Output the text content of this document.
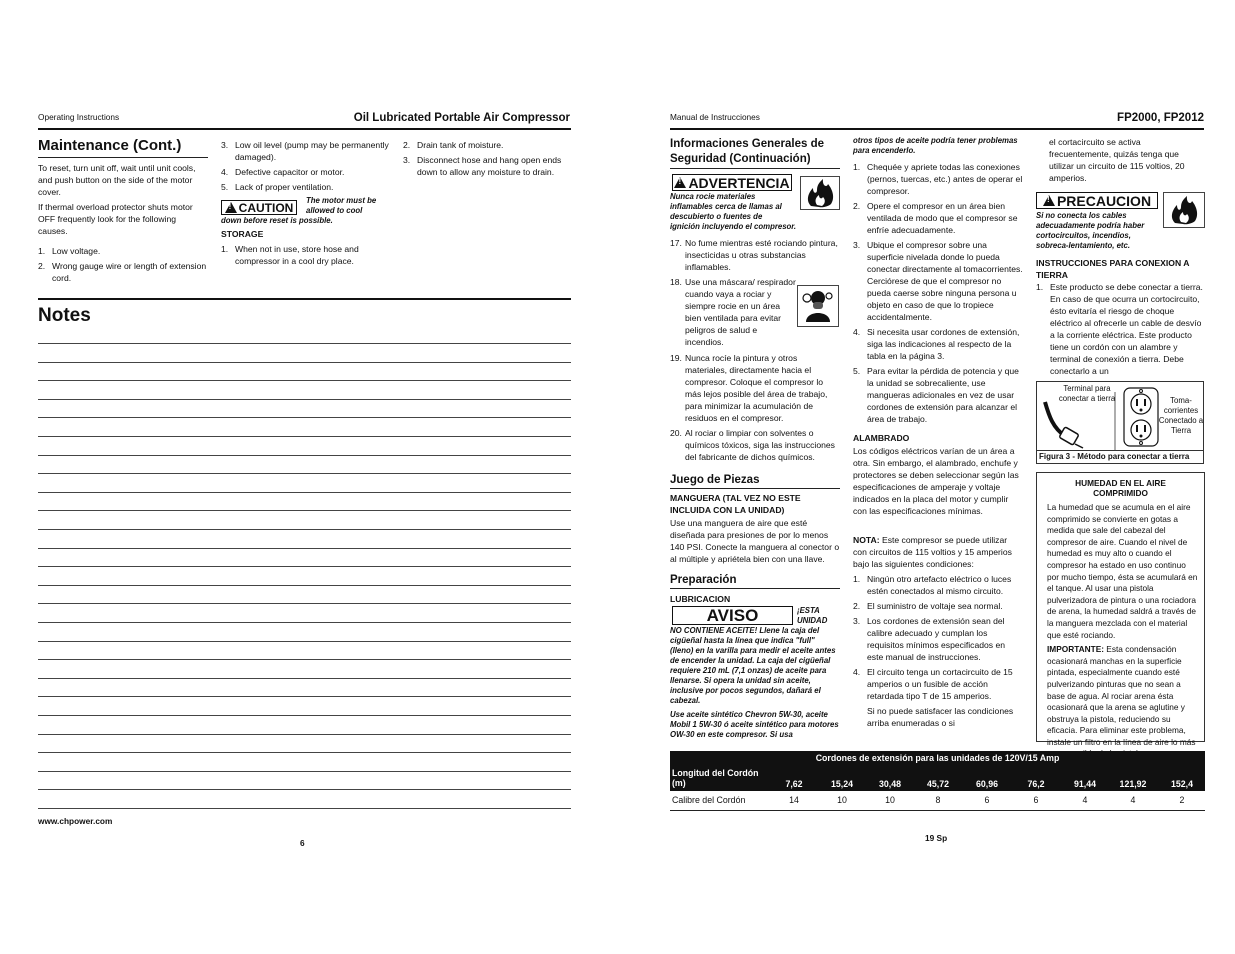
Operating Instructions	Oil Lubricated Portable Air Compressor
Maintenance (Cont.)

To reset, turn unit off, wait until unit cools, and push button on the side of the motor cover.

If thermal overload protector shuts motor OFF frequently look for the following causes.

1. Low voltage.
2. Wrong gauge wire or length of extension cord.
3. Low oil level (pump may be permanently damaged).
4. Defective capacitor or motor.
5. Lack of proper ventilation.
!
CAUTION The motor must be
allowed to cool
down before reset is possible.
STORAGE
1. When not in use, store hose and compressor in a cool dry place.
2. Drain tank of moisture.
3. Disconnect hose and hang open ends down to allow any moisture to drain.
Notes
www.chpower.com
6
Manual de Instrucciones	FP2000, FP2012
Informaciones Generales de Seguridad (Continuación)
!
ADVERTENCIA
Nunca rocie materiales
inflamables cerca de llamas al
descubierto o fuentes de
ignición incluyendo el compresor.
17. No fume mientras esté rociando pintura, insecticidas u otras substancias inflamables.
18. Use una máscara/ respirador cuando vaya a rociar y siempre rocie en un área bien ventilada para evitar peligros de salud e incendios.
19. Nunca rocíe la pintura y otros materiales, directamente hacia el compresor. Coloque el compresor lo más lejos posible del área de trabajo, para minimizar la acumulación de residuos en el compresor.
20. Al rociar o limpiar con solventes o químicos tóxicos, siga las instrucciones del fabricante de dichos químicos.
Juego de Piezas
MANGUERA (TAL VEZ NO ESTE INCLUIDA CON LA UNIDAD)
Use una manguera de aire que esté diseñada para presiones de por lo menos 140 PSI. Conecte la manguera al conector o al múltiple y apriétela bien con una llave.
Preparación
LUBRICACION
AVISO	¡ESTA UNIDAD
NO CONTIENE ACEITE! Llene la caja del cigüeñal hasta la línea que indica "full" (lleno) en la varilla para medir el aceite antes de encender la unidad. La caja del cigüeñal requiere 210 mL (7,1 onzas) de aceite para llenarse. Si opera la unidad sin aceite, inclusive por pocos segundos, dañará el cabezal.
Use aceite sintético Chevron 5W-30, aceite Mobil 1 5W-30 ó aceite sintético para motores OW-30 en este compresor. Si usa
otros tipos de aceite podría tener problemas para encenderlo.
1. Chequée y apriete todas las conexiones (pernos, tuercas, etc.) antes de operar el compresor.
2. Opere el compresor en un área bien ventilada de modo que el compresor se enfríe adecuadamente.
3. Ubique el compresor sobre una superficie nivelada donde lo pueda conectar directamente al tomacorrientes. Cerciórese de que el compresor no pueda caerse sobre ninguna persona u objeto en caso de que lo tropiece accidentalmente.
4. Si necesita usar cordones de extensión, siga las indicaciones al respecto de la tabla en la página 3.
5. Para evitar la pérdida de potencia y que la unidad se sobrecaliente, use mangueras adicionales en vez de usar cordones de extensión para alcanzar el área de trabajo.
ALAMBRADO
Los códigos eléctricos varían de un área a otra. Sin embargo, el alambrado, enchufe y protectores se deben seleccionar según las especificaciones de amperaje y voltaje indicados en la placa del motor y cumplir con las especificaciones mínimas.
NOTA: Este compresor se puede utilizar con circuitos de 115 voltios y 15 amperios bajo las siguientes condiciones:
1. Ningún otro artefacto eléctrico o luces estén conectados al mismo circuito.
2. El suministro de voltaje sea normal.
3. Los cordones de extensión sean del calibre adecuado y cumplan los requisitos mínimos especificados en este manual de instrucciones.
4. El circuito tenga un cortacircuito de 15 amperios o un fusible de acción retardada tipo T de 15 amperios.
Si no puede satisfacer las condiciones arriba enumeradas o si
el cortacircuito se activa frecuentemente, quizás tenga que utilizar un circuito de 115 voltios, 20 amperios.
!
PRECAUCION
Si no conecta los cables
adecuadamente podría haber
cortocircuitos, incendios,
sobreca-lentamiento, etc.
INSTRUCCIONES PARA CONEXION A TIERRA
1. Este producto se debe conectar a tierra. En caso de que ocurra un cortocircuito, ésto evitaría el riesgo de choque eléctrico al ofrecerle un cable de desvío a la corriente eléctrica. Este producto tiene un cordón con un alambre y terminal de conexión a tierra. Debe conectarlo a un
Terminal para conectar a tierra	Toma-corrientes Conectado a Tierra
Figura 3 - Método para conectar a tierra
HUMEDAD EN EL AIRE COMPRIMIDO
La humedad que se acumula en el aire comprimido se convierte en gotas a medida que sale del cabezal del compresor de aire. Cuando el nivel de humedad es muy alto o cuando el compresor ha estado en uso continuo por mucho tiempo, ésta se acumulará en el tanque. Al usar una pistola pulverizadora de pintura o una rociadora de arena, la humedad saldrá a través de la manguera mezclada con el material que esté rociando.
IMPORTANTE: Esta condensación ocasionará manchas en la superficie pintada, especialmente cuando esté pulverizando pinturas que no sean a base de agua. Al rociar arena ésta ocasionará que la arena se aglutine y obstruya la pistola, reduciendo su eficacia. Para eliminar este problema, instale un filtro en la línea de aire lo más
Cordones de extensión para las unidades de 120V/15 Amp
Longitud del Cordón (m)	7,62	15,24	30,48	45,72	60,96	76,2	91,44	121,92	152,4
Calibre del Cordón	14	10	10	8	6	6	4	4	2
19 Sp
